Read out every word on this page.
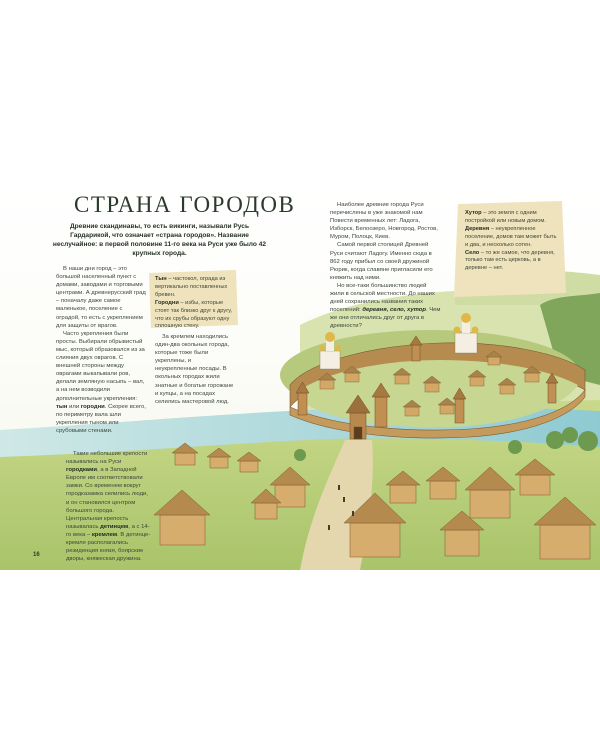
СТРАНА ГОРОДОВ

Древние скандинавы, то есть викинги, называли Русь Гардарикой, что означает «страна городов». Название неслучайное: в первой половине 11-го века на Руси уже было 42 крупных города.

В наши дни город – это большой населенный пункт с домами, заводами и торговыми центрами. А древнерусский град – поначалу даже самое маленькое, поселение с оградой, то есть с укреплением для защиты от врагов.

Часто укрепления были просты. Выбирали обрывистый мыс, который образовался из за слияния двух оврагов. С внешней стороны между оврагами выкапывали ров, делали земляную насыпь – вал, а на нем возводили дополнительные укрепления: тын или городни. Скорее всего, по периметру вала шли укрепления тыном или срубовыми стенами.

Тын – частокол, ограда из вертикально поставленных бревен.

Городни – избы, которые стоят так близко друг к другу, что их срубы образуют одну сплошную стену.

За кремлем находились один-два окольных города, которые тоже были укреплены, и неукрепленные посады. В окольных городах жили знатные и богатые горожане и купцы, а на посадах селились мастеровой люд.

Наиболее древние города Руси перечислены в уже знакомой нам Повести временных лет: Ладога, Изборск, Белоозеро, Новгород, Ростов, Муром, Полоцк, Киев.

Самой первой столицей Древней Руси считают Ладогу. Именно сюда в 862 году прибыл со своей дружиной Рюрик, когда славяне пригласили его княжить над ними.

Но все-таки большинство людей жили в сельской местности. До наших дней сохранились названия таких поселений: деревня, село, хутор. Чем же они отличались друг от друга в древности?

Хутор – это земля с одним постройкой или новым домом.

Деревня – неукрепленное поселение, домов там может быть и два, и несколько сотен.

Село – то же самое, что деревня, только там есть церковь, а в деревне – нет.

Такие небольшие крепости назывались на Руси городками, а в Западной Европе им соответствовали замки. Со временем вокруг городказамка селились люди, и он становился центром большого города. Центральная крепость называлась детинцем, а с 14-го века – кремлем. В детинце-кремле располагались резиденция князя, боярские дворы, княжеская дружина.

16
